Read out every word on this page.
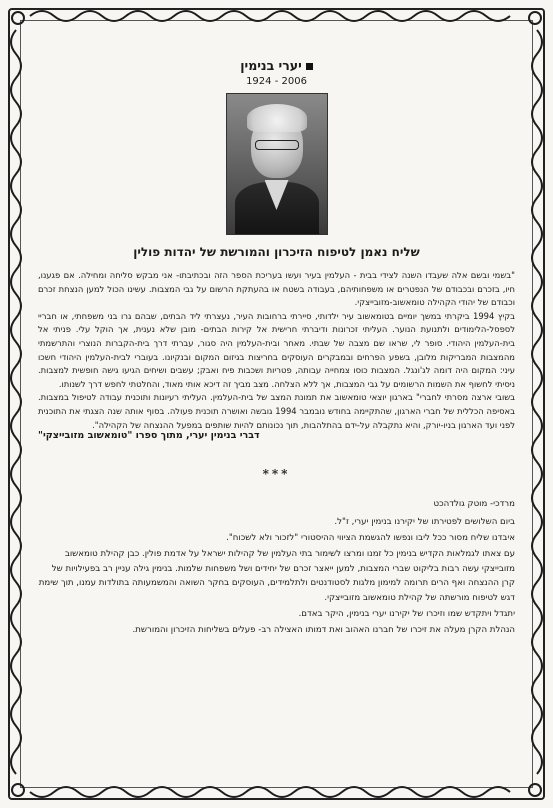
יערי בנימין
1924 - 2006
שליח נאמן לטיפוח הזיכרון והמורשת של יהדות פולין

"בשמי ובשם אלה שעבדו השנה לצידי בבית - העלמין בעיר ועשו בעריכת הספר הזה ובכתיבתו- אני מבקש סליחה ומחילה. אם פגענו, חיו, בזכרם ובכבודם של הנפטרים או משפחותיהם, בעבודה בשטח או בהעתקת הרשום על גבי המצבות. עשינו הכול למען הנצחת זכרם וכבודם של יהודי הקהילה טומאשוב-מזובייצקי.

בקיץ 1994 ביקרתי במשך יומיים בטומאשוב עיר ילדותי, סיירתי ברחובות העיר, נעצרתי ליד הבתים, שבהם גרו בני משפחתי, או חבריי לספסל-הלימודים ולתנועת הנוער. העליתי זכרונות ודיברתי חרישית אל קירות הבתים- מובן שלא נענית, אך הוקל עלי. פניתי אל בית-העלמין היהודי. סופר לי, שראו שם מצבה של שבתי. מאחר ובית-העלמין היה סגור, עברתי דרך בית-הקברות הנוצרי והתרשמתי מהמצבות המבריקות מלובן, בשפע הפרחים ובמבקרים העוסקים בחריצות בגיזום המקום ובנקיונו. בעוברי לבית-העלמין היהודי חשכו עיני: המקום היה דומה לג'ונגל. המצבות כוסו צמחייה עבותה, פטריות ושכבות פיח ואבק; עשבים ושיחים הגיעו גישה חופשית למצבות. ניסיתי לחשוף את השמות הרשומים על גבי המצבות, אך ללא הצלחה. מצב מביך זה דיכא אותי מאוד, והחלטתי לחפש דרך לשנותו.

בשובי ארצה מסרתי לחברי" בארגון יוצאי טומאשוב את תמונת המצב של בית-העלמין. העליתי רעיונות ותוכנית עבודה לטיפול במצבות. באסיפה הכללית של חברי הארגון, שהתקיימה בחודש נובמבר 1994 גובשה ואושרה תוכנית פעולה. בסוף אותה שנה הצגתי את התוכנית לפני ועד הארגון בניו-יורק, והיא נתקבלה על-ידם בהתלהבות, תוך נכונותם להיות שותפים במפעל ההנצחה של הקהילה".

דברי בנימין יערי, מתוך ספרו "טומאשוב מזובייצקי"
***
מרדכי- מוטק גולדהכט

ביום השלושים לפטירתו של יקירנו בנימין יערי, ז"ל.

איבדנו שליח מסור ככל ליבו ונפשו להגשמת הציווי ההיסטורי "לזכור ולא לשכוח".

עם צאתו לגמלאות הקדיש בנימין כל זמנו ומרצו לשימור בתי העלמין של קהילות ישראל על אדמת פולין. כבן קהילת טומאשוב מזובייצקי עשה רבות בליקוט שברי המצבות, למען ייאצר זכרם של יחידים ושל משפחות שלמות. בנימין גילה עניין רב בפעילויות של קרן ההנצחה ואף הרים תרומה למימון מלגות לסטודנטים ולתלמידים, העוסקים בחקר השואה והמשמעותה בתולדות עמנו, תוך שימת דגש לטיפוח מורשתה של קהילת טומאשוב מזובייצקי.

יתגדל ויתקדש שמו וזיכרו של יקירנו יערי בנימין, היקר באדם.

הנהלת הקרן מעלה את זיכרו של חברנו האהוב ואת דמותו האצילה רב- פעלים בשליחות הזיכרון והמורשת.
